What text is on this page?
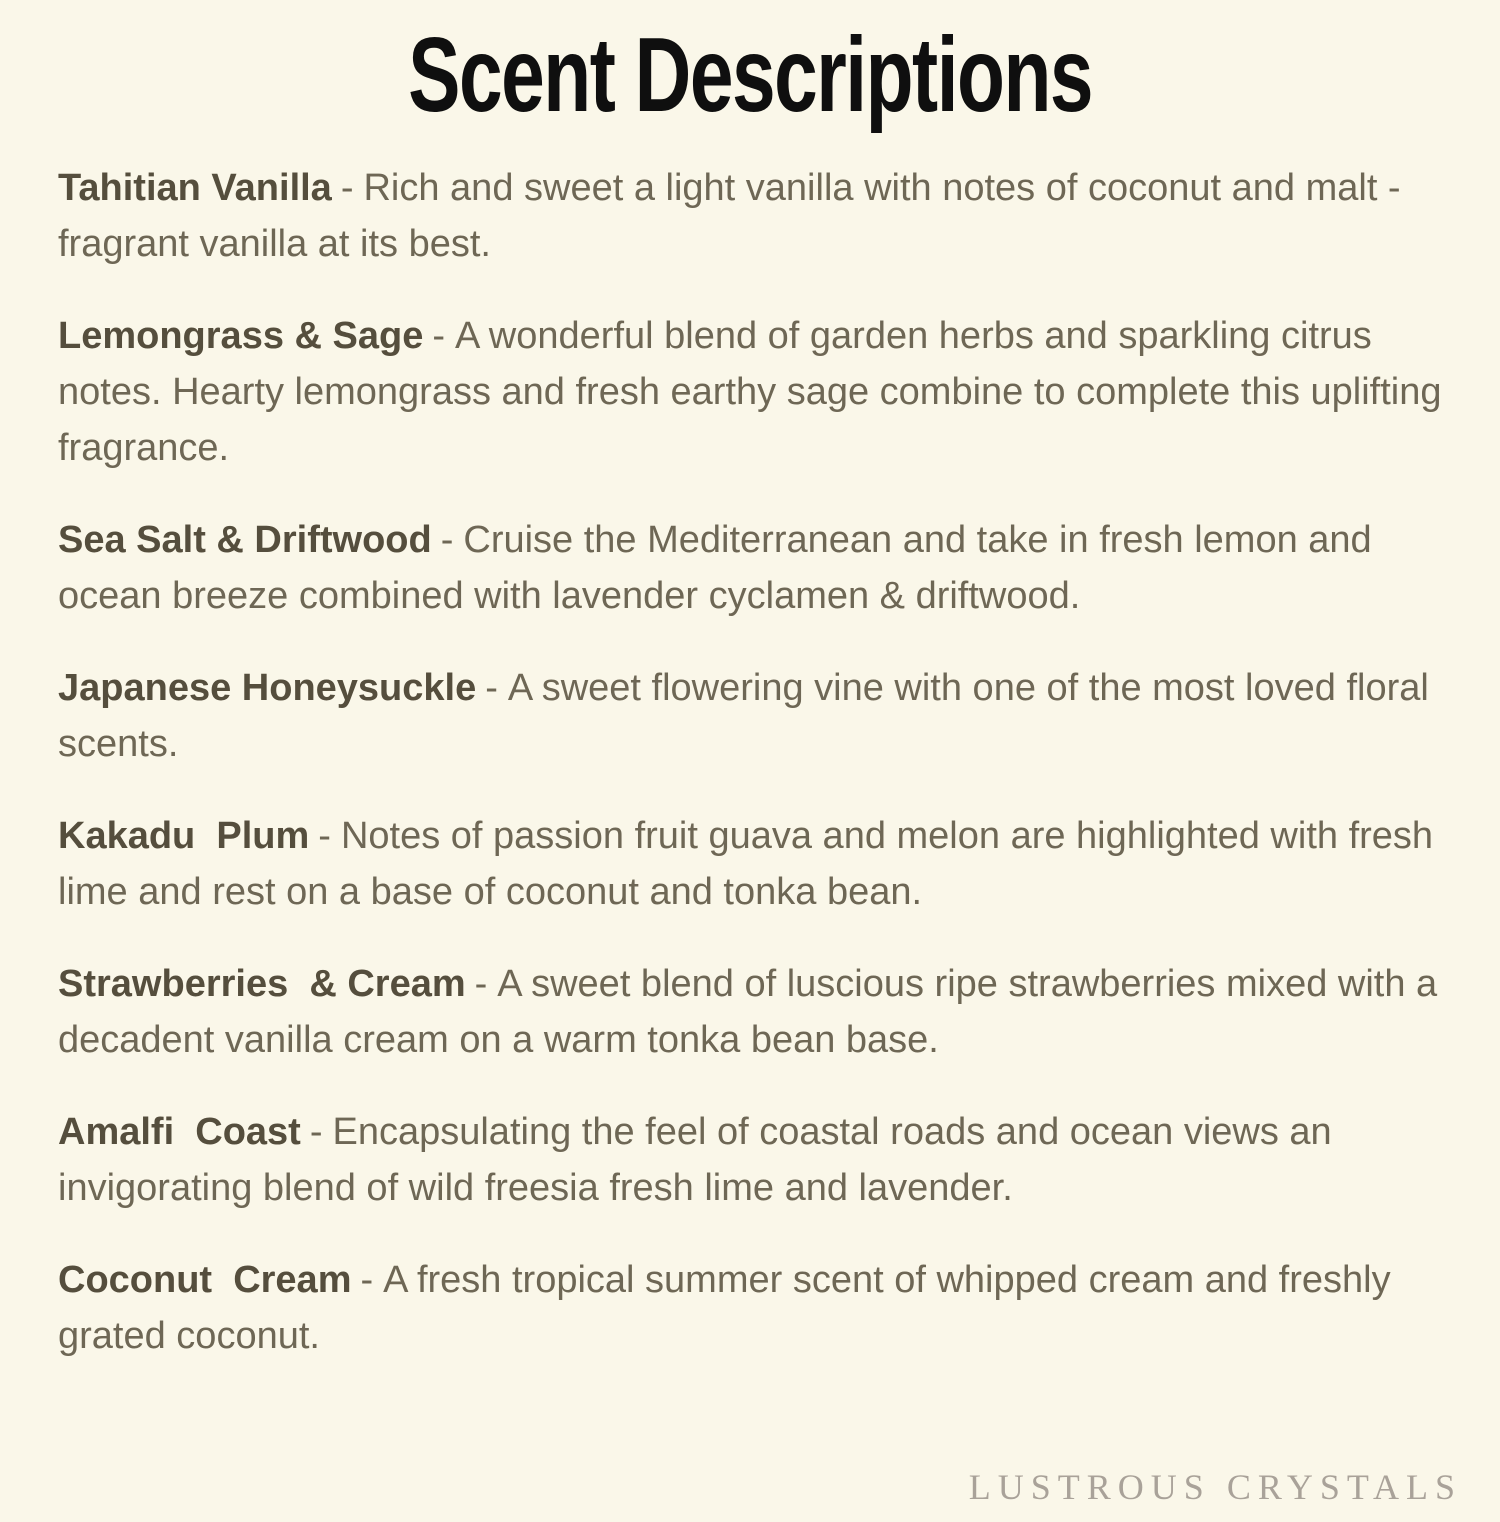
Scent Descriptions

Tahitian Vanilla - Rich and sweet a light vanilla with notes of coconut and malt - fragrant vanilla at its best.

Lemongrass & Sage - A wonderful blend of garden herbs and sparkling citrus notes. Hearty lemongrass and fresh earthy sage combine to complete this uplifting fragrance.

Sea Salt & Driftwood - Cruise the Mediterranean and take in fresh lemon and ocean breeze combined with lavender cyclamen & driftwood.

Japanese Honeysuckle - A sweet flowering vine with one of the most loved floral scents.

Kakadu  Plum - Notes of passion fruit guava and melon are highlighted with fresh lime and rest on a base of coconut and tonka bean.

Strawberries  & Cream - A sweet blend of luscious ripe strawberries mixed with a decadent vanilla cream on a warm tonka bean base.

Amalfi  Coast - Encapsulating the feel of coastal roads and ocean views an invigorating blend of wild freesia fresh lime and lavender.

Coconut  Cream - A fresh tropical summer scent of whipped cream and freshly grated coconut.

LUSTROUS CRYSTALS
